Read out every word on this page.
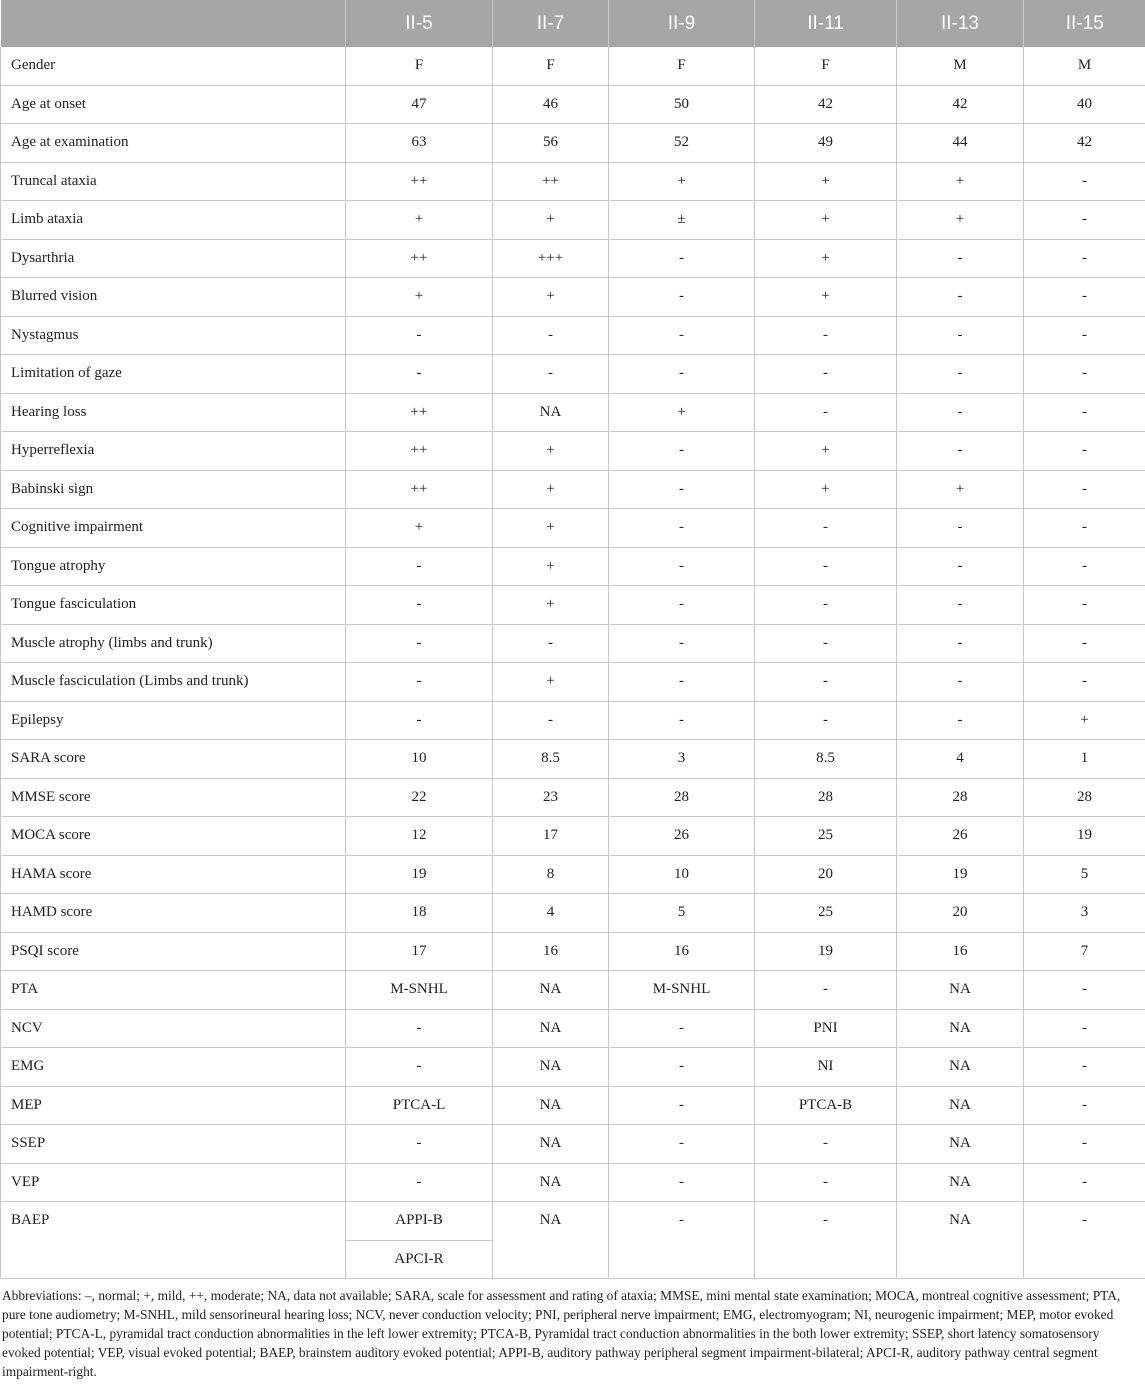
	II-5	II-7	II-9	II-11	II-13	II-15
Gender	F	F	F	F	M	M
Age at onset	47	46	50	42	42	40
Age at examination	63	56	52	49	44	42
Truncal ataxia	++	++	+	+	+	-
Limb ataxia	+	+	±	+	+	-
Dysarthria	++	+++	-	+	-	-
Blurred vision	+	+	-	+	-	-
Nystagmus	-	-	-	-	-	-
Limitation of gaze	-	-	-	-	-	-
Hearing loss	++	NA	+	-	-	-
Hyperreflexia	++	+	-	+	-	-
Babinski sign	++	+	-	+	+	-
Cognitive impairment	+	+	-	-	-	-
Tongue atrophy	-	+	-	-	-	-
Tongue fasciculation	-	+	-	-	-	-
Muscle atrophy (limbs and trunk)	-	-	-	-	-	-
Muscle fasciculation (Limbs and trunk)	-	+	-	-	-	-
Epilepsy	-	-	-	-	-	+
SARA score	10	8.5	3	8.5	4	1
MMSE score	22	23	28	28	28	28
MOCA score	12	17	26	25	26	19
HAMA score	19	8	10	20	19	5
HAMD score	18	4	5	25	20	3
PSQI score	17	16	16	19	16	7
PTA	M-SNHL	NA	M-SNHL	-	NA	-
NCV	-	NA	-	PNI	NA	-
EMG	-	NA	-	NI	NA	-
MEP	PTCA-L	NA	-	PTCA-B	NA	-
SSEP	-	NA	-	-	NA	-
VEP	-	NA	-	-	NA	-
BAEP	APPI-B	NA	-	-	NA	-
	APCI-R					
Abbreviations: –, normal; +, mild, ++, moderate; NA, data not available; SARA, scale for assessment and rating of ataxia; MMSE, mini mental state examination; MOCA, montreal cognitive assessment; PTA, pure tone audiometry; M-SNHL, mild sensorineural hearing loss; NCV, never conduction velocity; PNI, peripheral nerve impairment; EMG, electromyogram; NI, neurogenic impairment; MEP, motor evoked potential; PTCA-L, pyramidal tract conduction abnormalities in the left lower extremity; PTCA-B, Pyramidal tract conduction abnormalities in the both lower extremity; SSEP, short latency somatosensory evoked potential; VEP, visual evoked potential; BAEP, brainstem auditory evoked potential; APPI-B, auditory pathway peripheral segment impairment-bilateral; APCI-R, auditory pathway central segment impairment-right.
